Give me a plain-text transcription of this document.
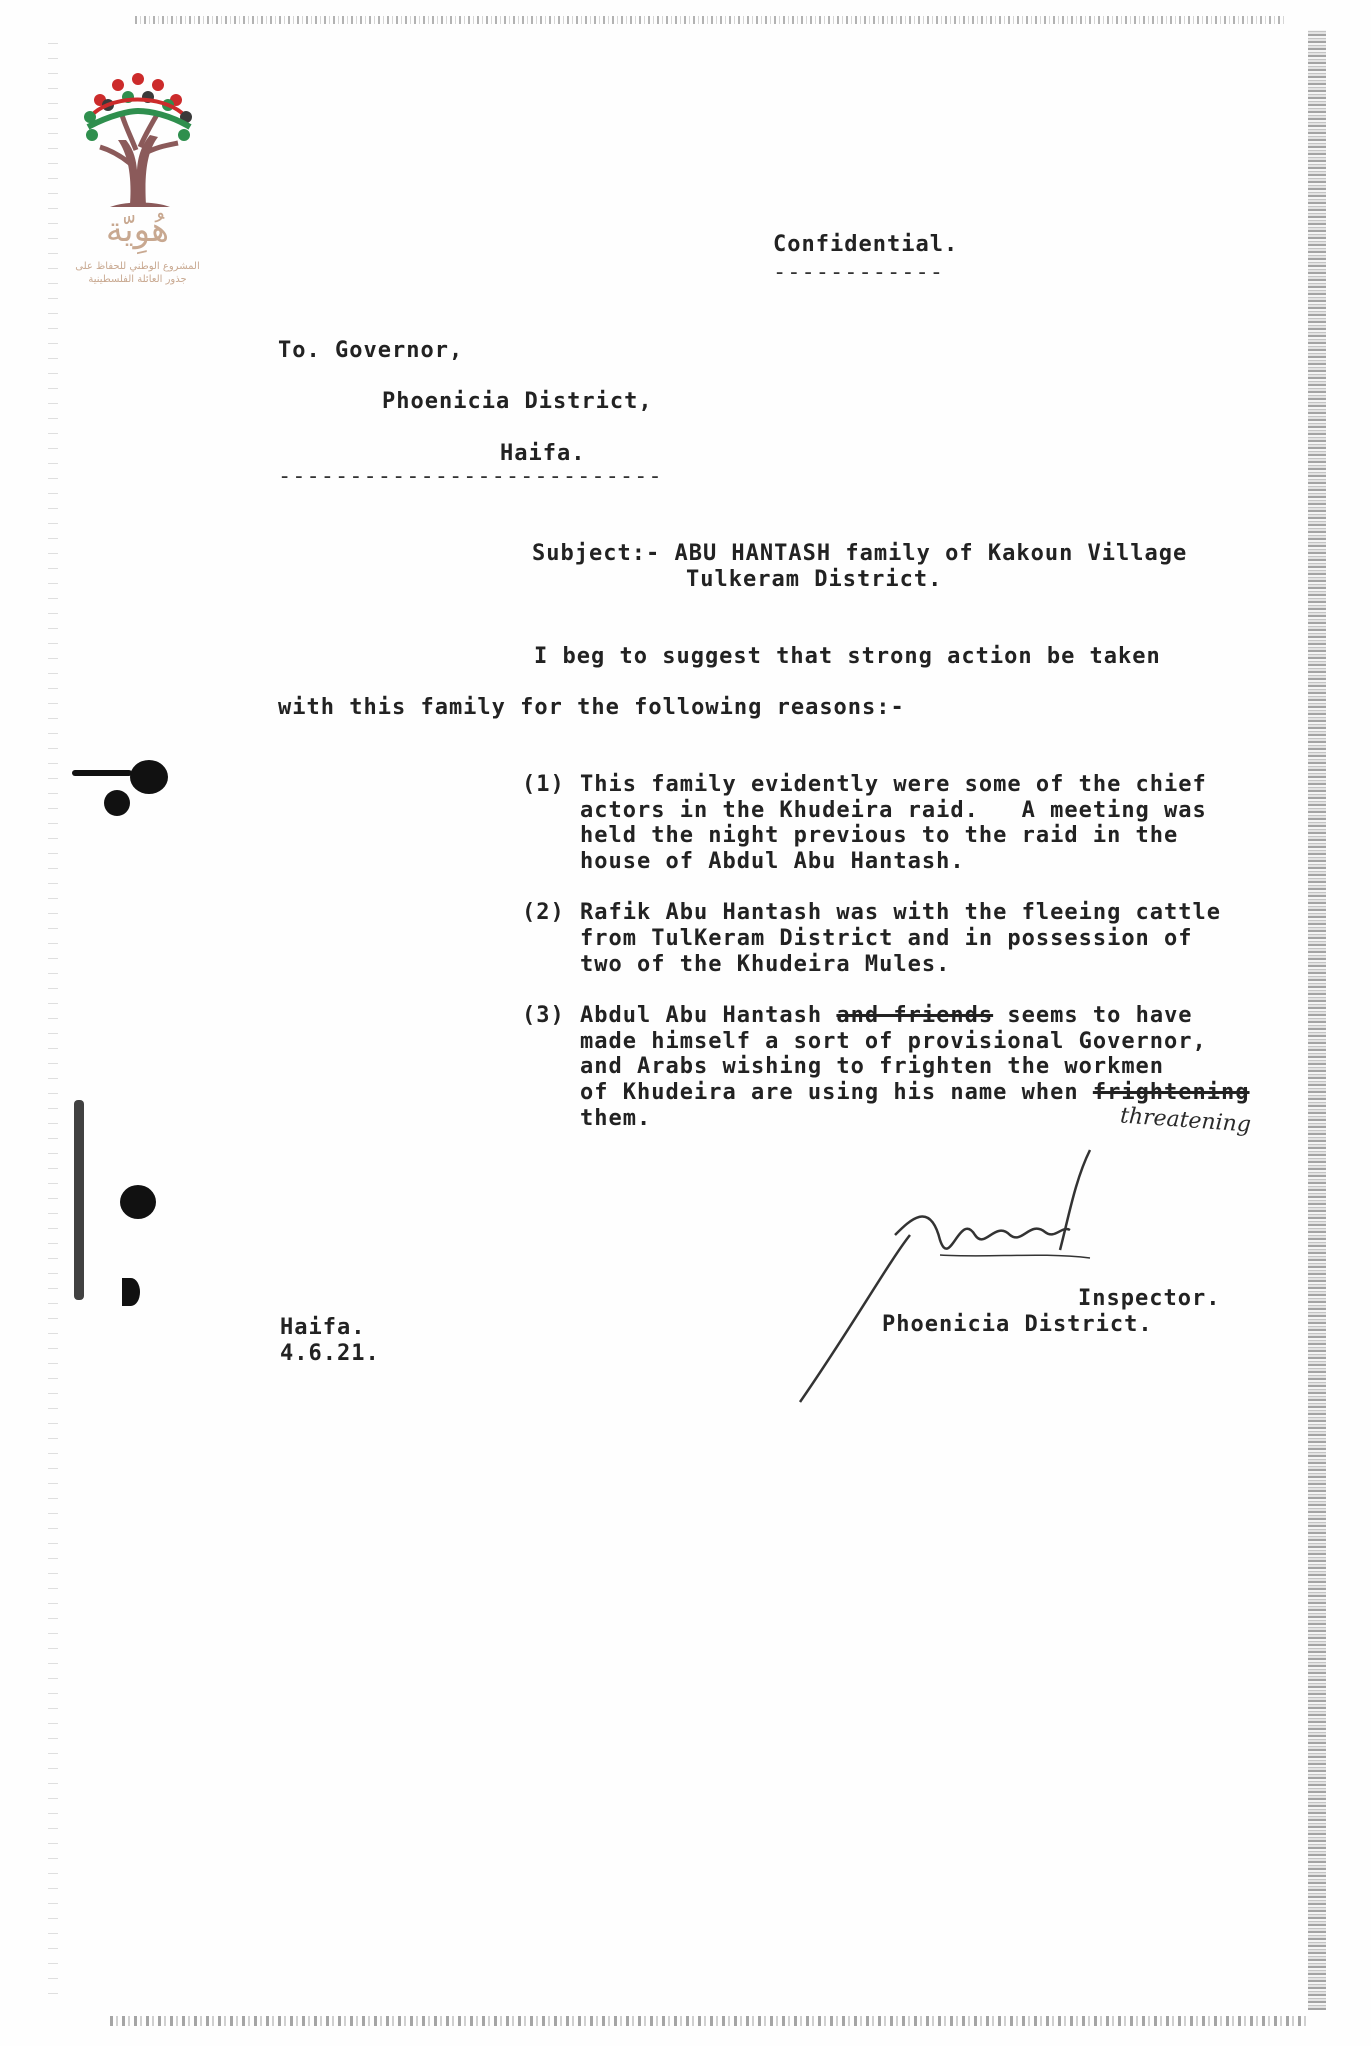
هُوِيّة
المشروع الوطني للحفاظ على
جذور العائلة الفلسطينية
Confidential.
------------
To. Governor,
Phoenicia District,
Haifa.
---------------------------
Subject:- ABU HANTASH family of Kakoun Village
Tulkeram District.
I beg to suggest that strong action be taken
with this family for the following reasons:-
(1) This family evidently were some of the chief
actors in the Khudeira raid.   A meeting was
held the night previous to the raid in the
house of Abdul Abu Hantash.
(2) Rafik Abu Hantash was with the fleeing cattle
from TulKeram District and in possession of
two of the Khudeira Mules.
(3) Abdul Abu Hantash and friends seems to have
made himself a sort of provisional Governor,
and Arabs wishing to frighten the workmen
of Khudeira are using his name when frightening
them.	threatening
Inspector.
Phoenicia District.
Haifa.
4.6.21.
